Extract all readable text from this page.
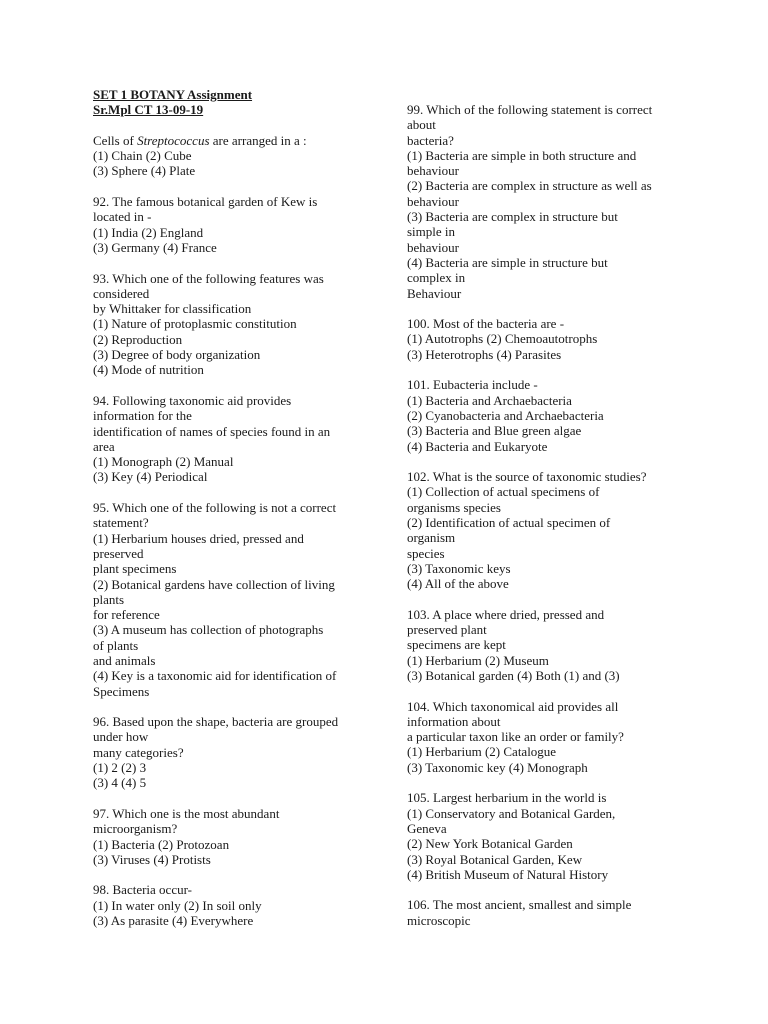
SET 1 BOTANY Assignment
Sr.Mpl CT 13-09-19
Cells of Streptococcus are arranged in a :
(1) Chain (2) Cube
(3) Sphere (4) Plate
92. The famous botanical garden of Kew is
located in -
(1) India (2) England
(3) Germany (4) France
93. Which one of the following features was
considered
by Whittaker for classification
(1) Nature of protoplasmic constitution
(2) Reproduction
(3) Degree of body organization
(4) Mode of nutrition
94. Following taxonomic aid provides
information for the
identification of names of species found in an
area
(1) Monograph (2) Manual
(3) Key (4) Periodical
95. Which one of the following is not a correct
statement?
(1) Herbarium houses dried, pressed and
preserved
plant specimens
(2) Botanical gardens have collection of living
plants
for reference
(3) A museum has collection of photographs
of plants
and animals
(4) Key is a taxonomic aid for identification of
Specimens
96. Based upon the shape, bacteria are grouped
under how
many categories?
(1) 2 (2) 3
(3) 4 (4) 5
97. Which one is the most abundant
microorganism?
(1) Bacteria (2) Protozoan
(3) Viruses (4) Protists
98. Bacteria occur-
(1) In water only (2) In soil only
(3) As parasite (4) Everywhere
99. Which of the following statement is correct
about
bacteria?
(1) Bacteria are simple in both structure and
behaviour
(2) Bacteria are complex in structure as well as
behaviour
(3) Bacteria are complex in structure but
simple in
behaviour
(4) Bacteria are simple in structure but
complex in
Behaviour
100. Most of the bacteria are -
(1) Autotrophs (2) Chemoautotrophs
(3) Heterotrophs (4) Parasites
101. Eubacteria include -
(1) Bacteria and Archaebacteria
(2) Cyanobacteria and Archaebacteria
(3) Bacteria and Blue green algae
(4) Bacteria and Eukaryote
102. What is the source of taxonomic studies?
(1) Collection of actual specimens of
organisms species
(2) Identification of actual specimen of
organism
species
(3) Taxonomic keys
(4) All of the above
103. A place where dried, pressed and
preserved plant
specimens are kept
(1) Herbarium (2) Museum
(3) Botanical garden (4) Both (1) and (3)
104. Which taxonomical aid provides all
information about
a particular taxon like an order or family?
(1) Herbarium (2) Catalogue
(3) Taxonomic key (4) Monograph
105. Largest herbarium in the world is
(1) Conservatory and Botanical Garden,
Geneva
(2) New York Botanical Garden
(3) Royal Botanical Garden, Kew
(4) British Museum of Natural History
106. The most ancient, smallest and simple
microscopic
